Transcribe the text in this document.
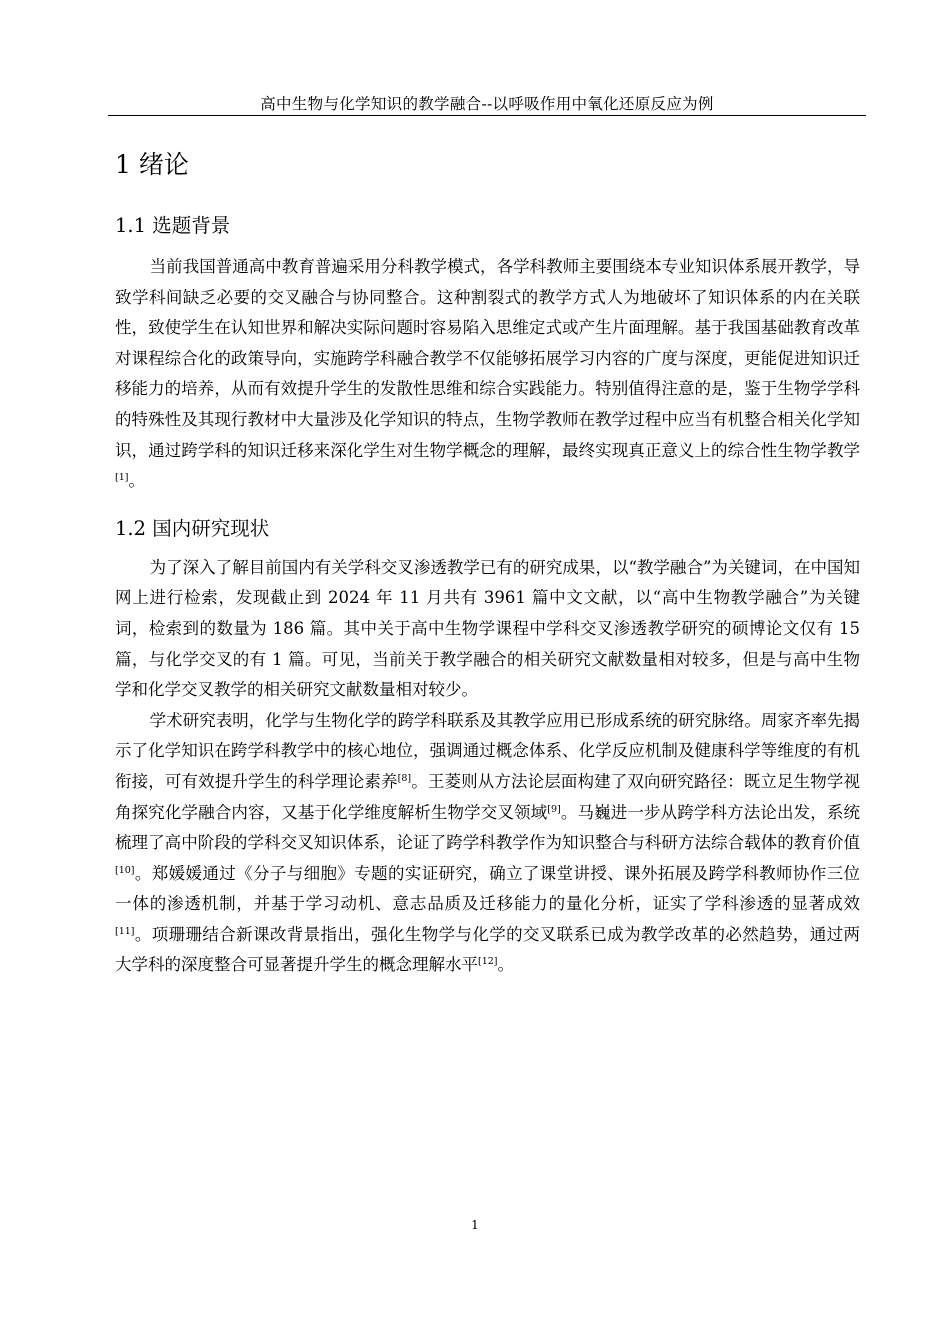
高中生物与化学知识的教学融合--以呼吸作用中氧化还原反应为例
1 绪论
1.1 选题背景

当前我国普通高中教育普遍采用分科教学模式，各学科教师主要围绕本专业知识体系展开教学，导致学科间缺乏必要的交叉融合与协同整合。这种割裂式的教学方式人为地破坏了知识体系的内在关联性，致使学生在认知世界和解决实际问题时容易陷入思维定式或产生片面理解。基于我国基础教育改革对课程综合化的政策导向，实施跨学科融合教学不仅能够拓展学习内容的广度与深度，更能促进知识迁移能力的培养，从而有效提升学生的发散性思维和综合实践能力。特别值得注意的是，鉴于生物学学科的特殊性及其现行教材中大量涉及化学知识的特点，生物学教师在教学过程中应当有机整合相关化学知识，通过跨学科的知识迁移来深化学生对生物学概念的理解，最终实现真正意义上的综合性生物学教学[1]。

1.2 国内研究现状

为了深入了解目前国内有关学科交叉渗透教学已有的研究成果，以“教学融合”为关键词，在中国知网上进行检索，发现截止到 2024 年 11 月共有 3961 篇中文文献，以“高中生物教学融合”为关键词，检索到的数量为 186 篇。其中关于高中生物学课程中学科交叉渗透教学研究的硕博论文仅有 15 篇，与化学交叉的有 1 篇。可见，当前关于教学融合的相关研究文献数量相对较多，但是与高中生物学和化学交叉教学的相关研究文献数量相对较少。

学术研究表明，化学与生物化学的跨学科联系及其教学应用已形成系统的研究脉络。周家齐率先揭示了化学知识在跨学科教学中的核心地位，强调通过概念体系、化学反应机制及健康科学等维度的有机衔接，可有效提升学生的科学理论素养[8]。王菱则从方法论层面构建了双向研究路径：既立足生物学视角探究化学融合内容，又基于化学维度解析生物学交叉领域[9]。马巍进一步从跨学科方法论出发，系统梳理了高中阶段的学科交叉知识体系，论证了跨学科教学作为知识整合与科研方法综合载体的教育价值[10]。郑媛媛通过《分子与细胞》专题的实证研究，确立了课堂讲授、课外拓展及跨学科教师协作三位一体的渗透机制，并基于学习动机、意志品质及迁移能力的量化分析，证实了学科渗透的显著成效[11]。项珊珊结合新课改背景指出，强化生物学与化学的交叉联系已成为教学改革的必然趋势，通过两大学科的深度整合可显著提升学生的概念理解水平[12]。

1
